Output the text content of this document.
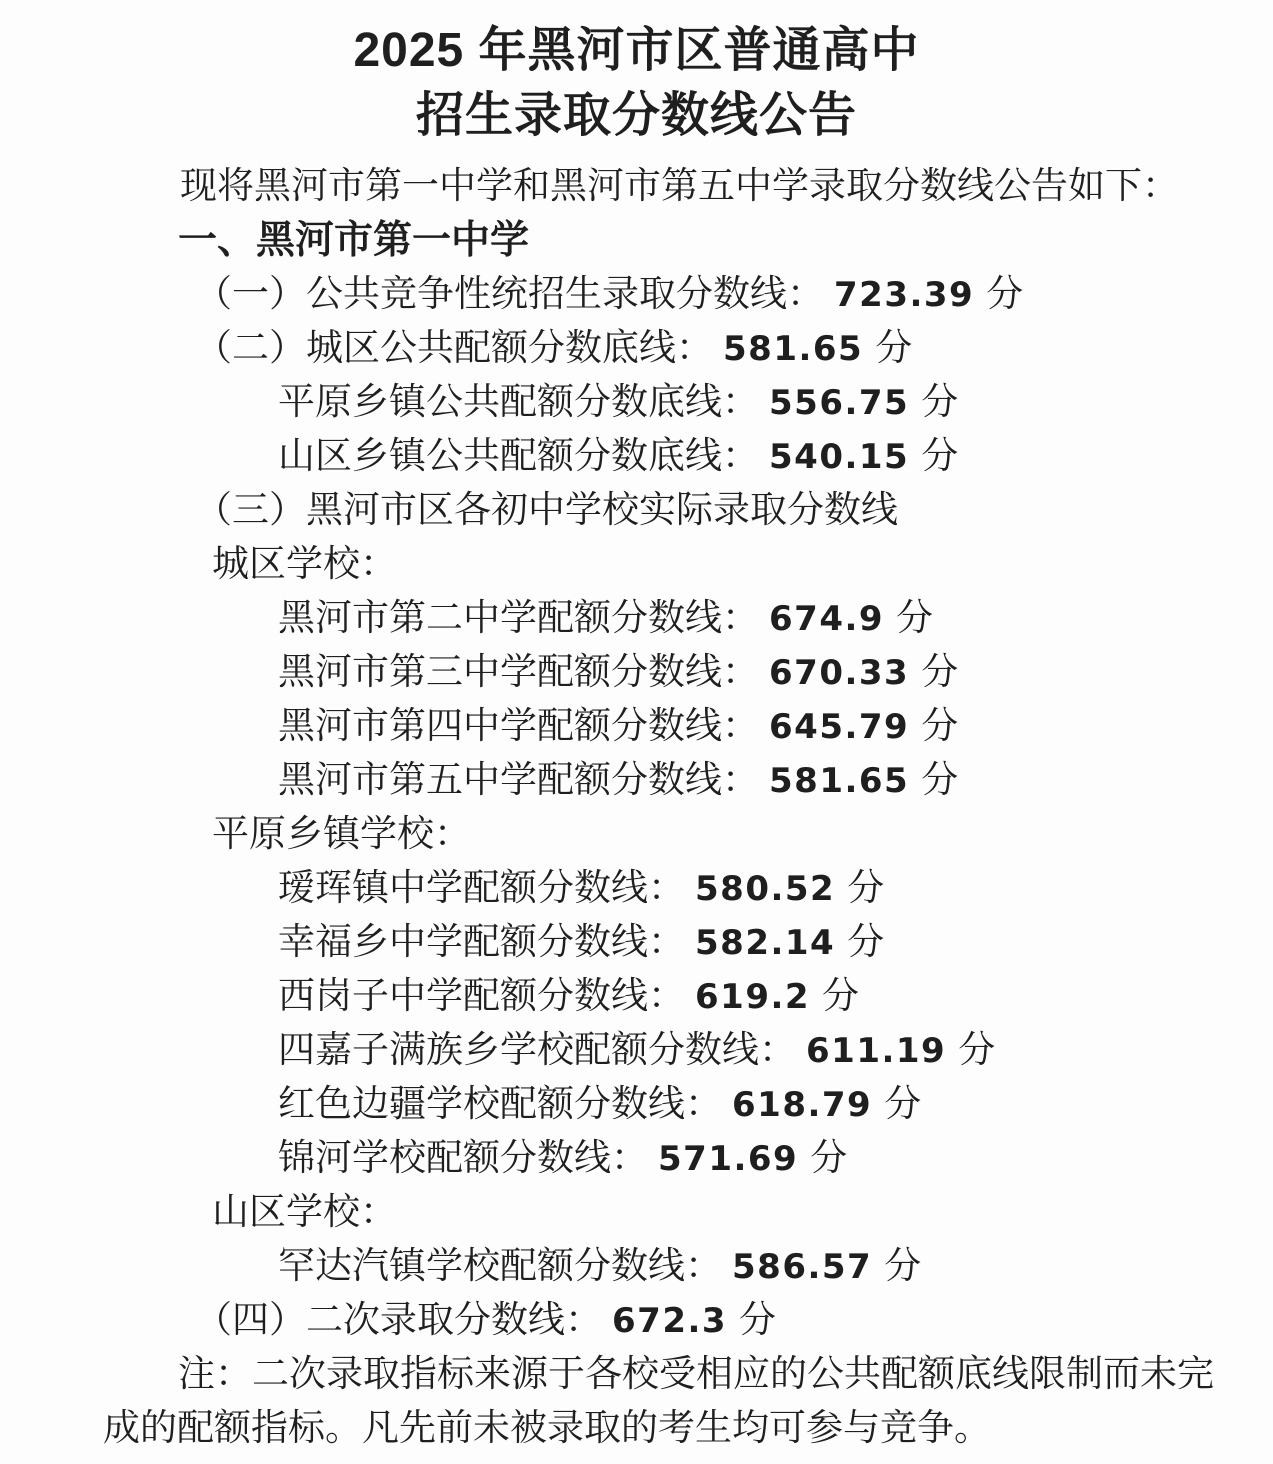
2025 年黑河市区普通高中
招生录取分数线公告

现将黑河市第一中学和黑河市第五中学录取分数线公告如下：

一、黑河市第一中学

（一）公共竞争性统招生录取分数线： 723.39 分

（二）城区公共配额分数底线： 581.65 分

平原乡镇公共配额分数底线： 556.75 分

山区乡镇公共配额分数底线： 540.15 分

（三）黑河市区各初中学校实际录取分数线

城区学校：

黑河市第二中学配额分数线： 674.9 分

黑河市第三中学配额分数线： 670.33 分

黑河市第四中学配额分数线： 645.79 分

黑河市第五中学配额分数线： 581.65 分

平原乡镇学校：

瑷珲镇中学配额分数线： 580.52 分

幸福乡中学配额分数线： 582.14 分

西岗子中学配额分数线： 619.2 分

四嘉子满族乡学校配额分数线： 611.19 分

红色边疆学校配额分数线： 618.79 分

锦河学校配额分数线： 571.69 分

山区学校：

罕达汽镇学校配额分数线： 586.57 分

（四）二次录取分数线： 672.3 分

注：二次录取指标来源于各校受相应的公共配额底线限制而未完

成的配额指标。凡先前未被录取的考生均可参与竞争。
